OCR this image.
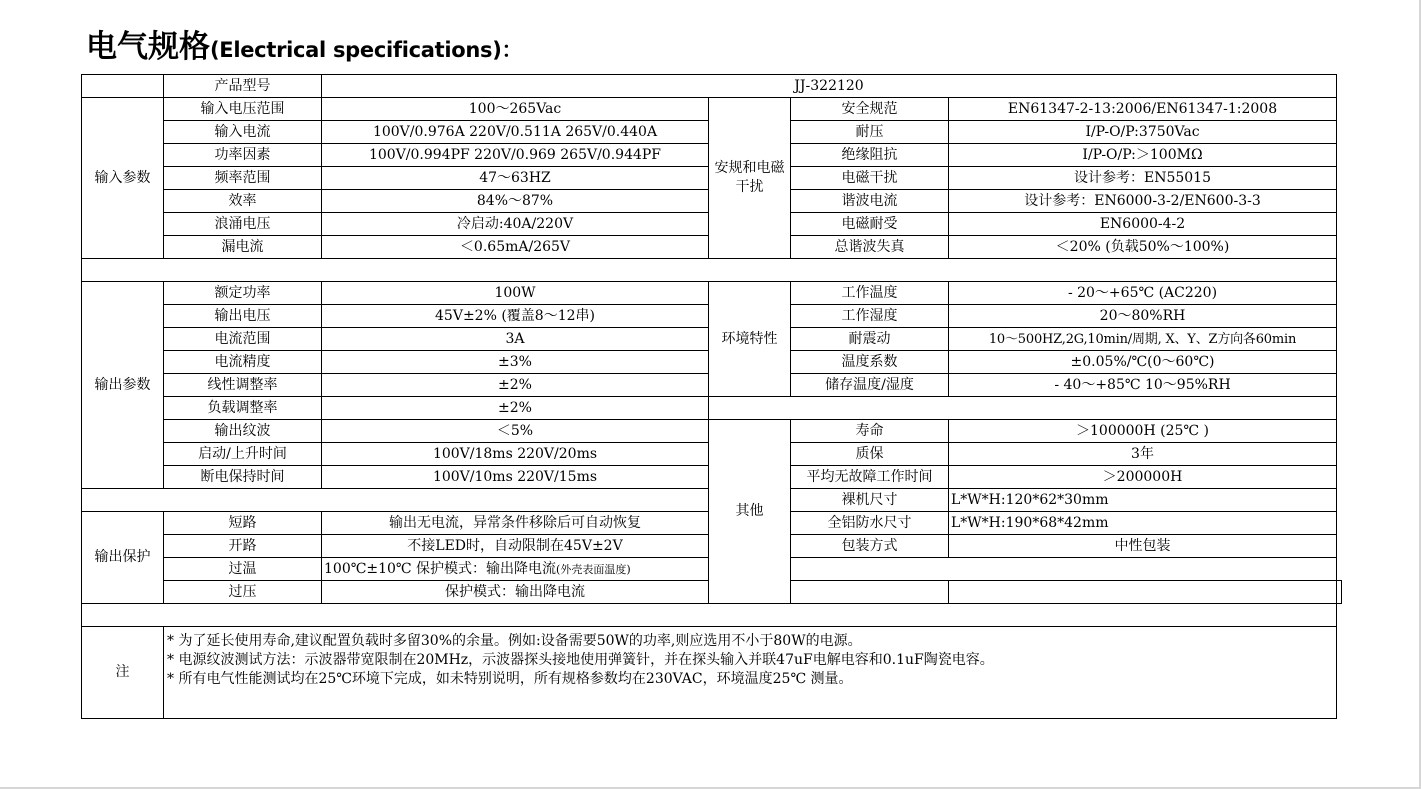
电气规格(Electrical specifications)：
	产品型号	JJ-322120				
输入参数	输入电压范围	100～265Vac	安规和电磁干扰	安全规范	EN61347-2-13:2006/EN61347-1:2008	
	输入电流	100V/0.976A 220V/0.511A 265V/0.440A		耐压	I/P-O/P:3750Vac	
	功率因素	100V/0.994PF 220V/0.969 265V/0.944PF		绝缘阻抗	I/P-O/P:＞100MΩ	
	频率范围	47～63HZ		电磁干扰	设计参考：EN55015	
	效率	84%～87%		谐波电流	设计参考：EN6000-3-2/EN600-3-3	
	浪涌电压	冷启动:40A/220V		电磁耐受	EN6000-4-2	
	漏电流	＜0.65mA/265V		总谐波失真	＜20% (负载50%～100%)	

输出参数	额定功率	100W	环境特性	工作温度	- 20～+65℃ (AC220)	
	输出电压	45V±2% (覆盖8～12串)		工作湿度	20～80%RH	
	电流范围	3A		耐震动	10～500HZ,2G,10min/周期, X、Y、Z方向各60min	
	电流精度	±3%		温度系数	±0.05%/℃(0～60℃)	
	线性调整率	±2%		储存温度/湿度	- 40～+85℃ 10～95%RH	
	负载调整率	±2%				
	输出纹波	＜5%	其他	寿命	＞100000H (25℃ )	
	启动/上升时间	100V/18ms 220V/20ms		质保	3年	
	断电保持时间	100V/10ms 220V/15ms		平均无故障工作时间	＞200000H	
				裸机尺寸	L*W*H:120*62*30mm	
输出保护	短路	输出无电流，异常条件移除后可自动恢复		全铝防水尺寸	L*W*H:190*68*42mm	
	开路	不接LED时，自动限制在45V±2V		包装方式	中性包装	
	过温	100℃±10℃ 保护模式：输出降电流(外壳表面温度)				
	过压	保护模式：输出降电流				

注	* 为了延长使用寿命,建议配置负载时多留30%的余量。例如:设备需要50W的功率,则应选用不小于80W的电源。
* 电源纹波测试方法：示波器带宽限制在20MHz，示波器探头接地使用弹簧针，并在探头输入并联47uF电解电容和0.1uF陶瓷电容。
* 所有电气性能测试均在25℃环境下完成，如未特别说明，所有规格参数均在230VAC，环境温度25℃ 测量。					
